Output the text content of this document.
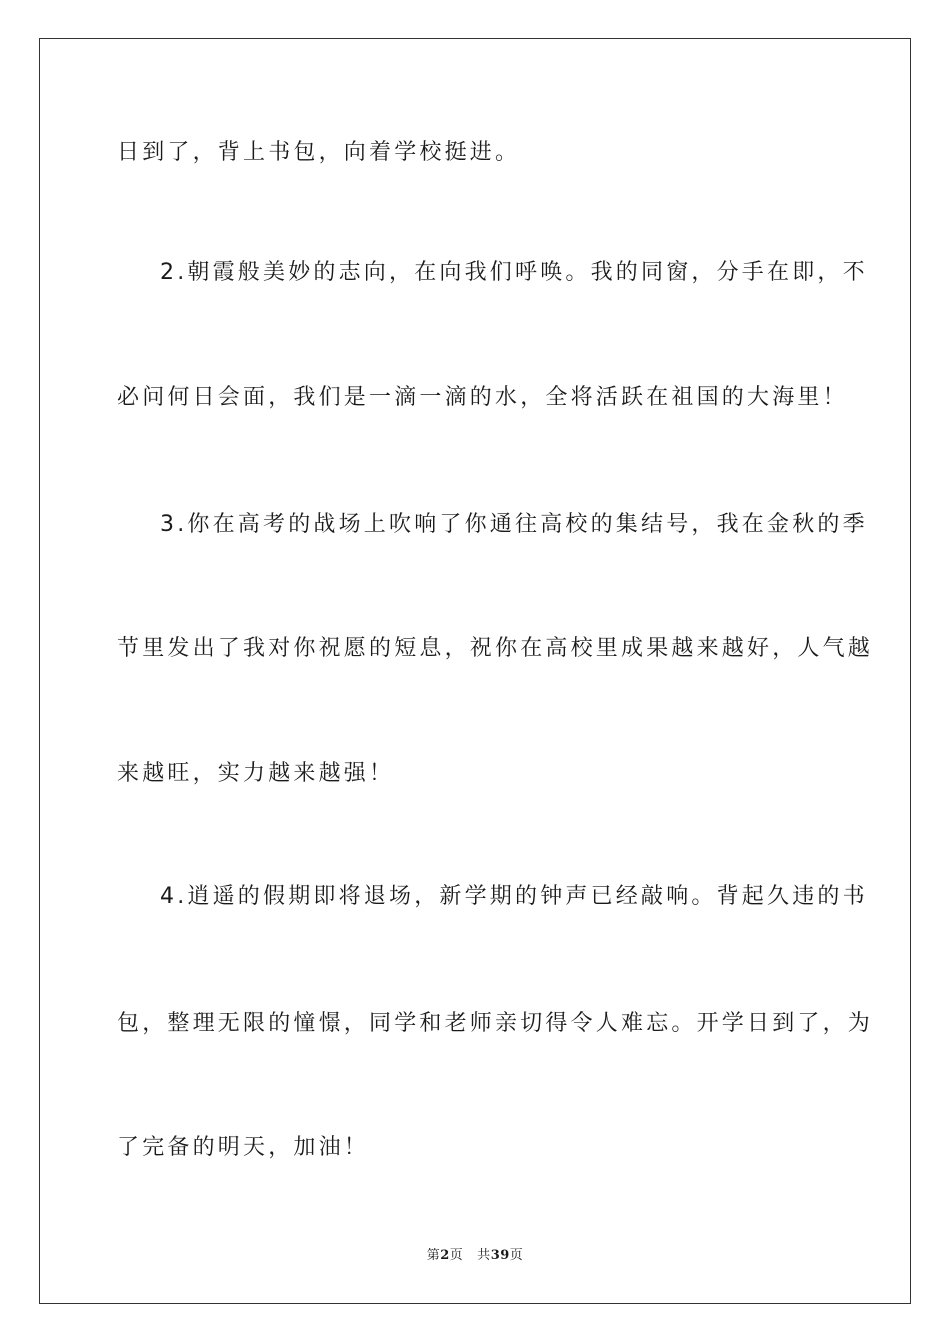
日到了，背上书包，向着学校挺进。
2.朝霞般美妙的志向，在向我们呼唤。我的同窗，分手在即，不
必问何日会面，我们是一滴一滴的水，全将活跃在祖国的大海里！
3.你在高考的战场上吹响了你通往高校的集结号，我在金秋的季
节里发出了我对你祝愿的短息，祝你在高校里成果越来越好，人气越
来越旺，实力越来越强！
4.逍遥的假期即将退场，新学期的钟声已经敲响。背起久违的书
包，整理无限的憧憬，同学和老师亲切得令人难忘。开学日到了，为
了完备的明天，加油！
第2页 共39页
